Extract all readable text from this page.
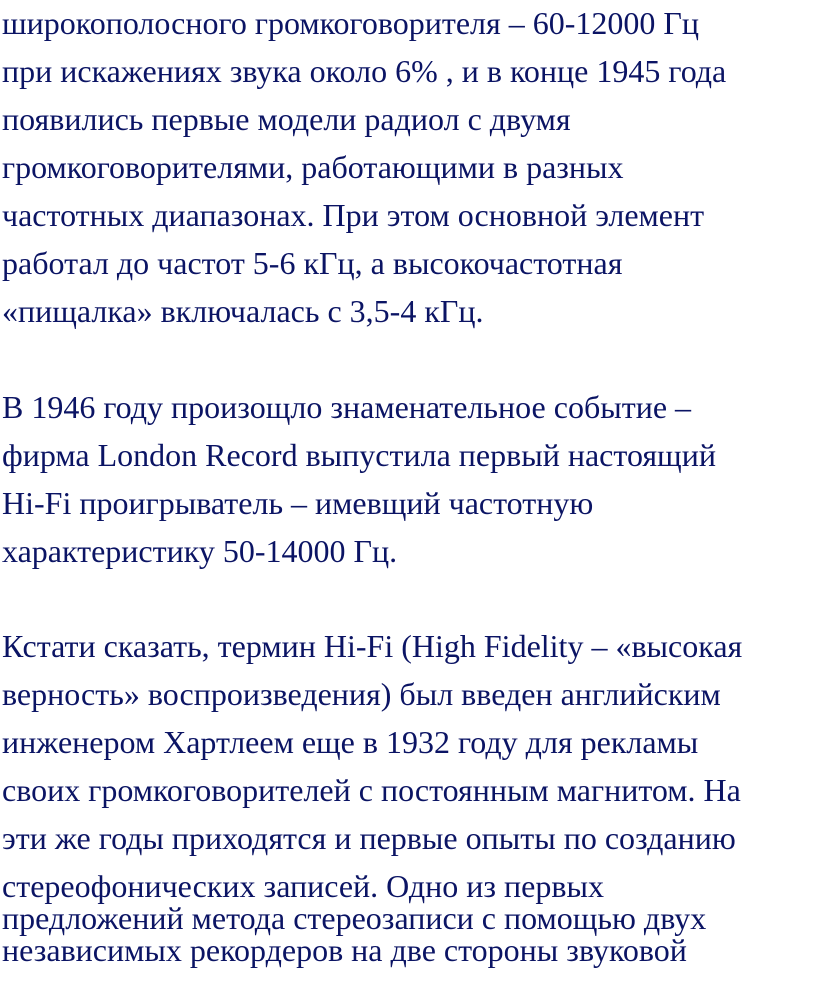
широкополосного громкоговорителя – 60-12000 Гц
при искажениях звука около 6% , и в конце 1945 года
появились первые модели радиол с двумя
громкоговорителями, работающими в разных
частотных диапазонах. При этом основной элемент
работал до частот 5-6 кГц, а высокочастотная
«пищалка» включалась с 3,5-4 кГц.
В 1946 году произощло знаменательное событие –
фирма London Record выпустила первый настоящий
Hi-Fi проигрыватель – имевщий частотную
характеристику 50-14000 Гц.
Кстати сказать, термин Hi-Fi (High Fidelity – «высокая
верность» воспроизведения) был введен английским
инженером Хартлеем еще в 1932 году для рекламы
своих громкоговорителей с постоянным магнитом. На
эти же годы приходятся и первые опыты по созданию
стереофонических записей. Одно из первых
предложений метода стереозаписи с помощью двух
независимых рекордеров на две стороны звуковой
